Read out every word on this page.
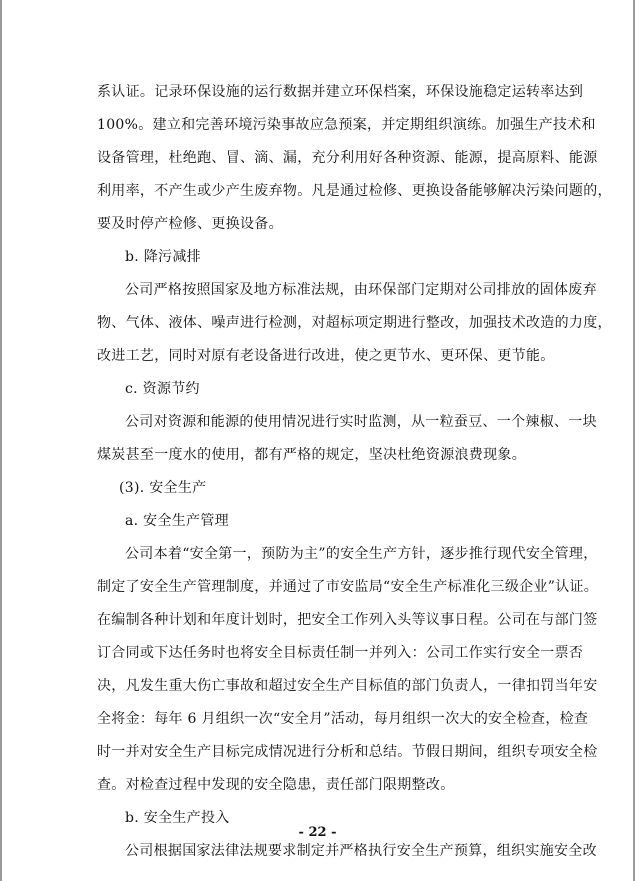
系认证。记录环保设施的运行数据并建立环保档案，环保设施稳定运转率达到
100%。建立和完善环境污染事故应急预案，并定期组织演练。加强生产技术和
设备管理，杜绝跑、冒、滴、漏，充分利用好各种资源、能源，提高原料、能源
利用率，不产生或少产生废弃物。凡是通过检修、更换设备能够解决污染问题的，
要及时停产检修、更换设备。
b. 降污减排
公司严格按照国家及地方标准法规，由环保部门定期对公司排放的固体废弃
物、气体、液体、噪声进行检测，对超标项定期进行整改，加强技术改造的力度，
改进工艺，同时对原有老设备进行改进，使之更节水、更环保、更节能。
c. 资源节约
公司对资源和能源的使用情况进行实时监测，从一粒蚕豆、一个辣椒、一块
煤炭甚至一度水的使用，都有严格的规定，坚决杜绝资源浪费现象。
(3). 安全生产
a. 安全生产管理
公司本着“安全第一，预防为主”的安全生产方针，逐步推行现代安全管理，
制定了安全生产管理制度，并通过了市安监局“安全生产标准化三级企业”认证。
在编制各种计划和年度计划时，把安全工作列入头等议事日程。公司在与部门签
订合同或下达任务时也将安全目标责任制一并列入：公司工作实行安全一票否
决，凡发生重大伤亡事故和超过安全生产目标值的部门负责人，一律扣罚当年安
全将金：每年 6 月组织一次“安全月”活动，每月组织一次大的安全检查，检查
时一并对安全生产目标完成情况进行分析和总结。节假日期间，组织专项安全检
查。对检查过程中发现的安全隐患，责任部门限期整改。
b. 安全生产投入
公司根据国家法律法规要求制定并严格执行安全生产预算，组织实施安全改
- 22 -
